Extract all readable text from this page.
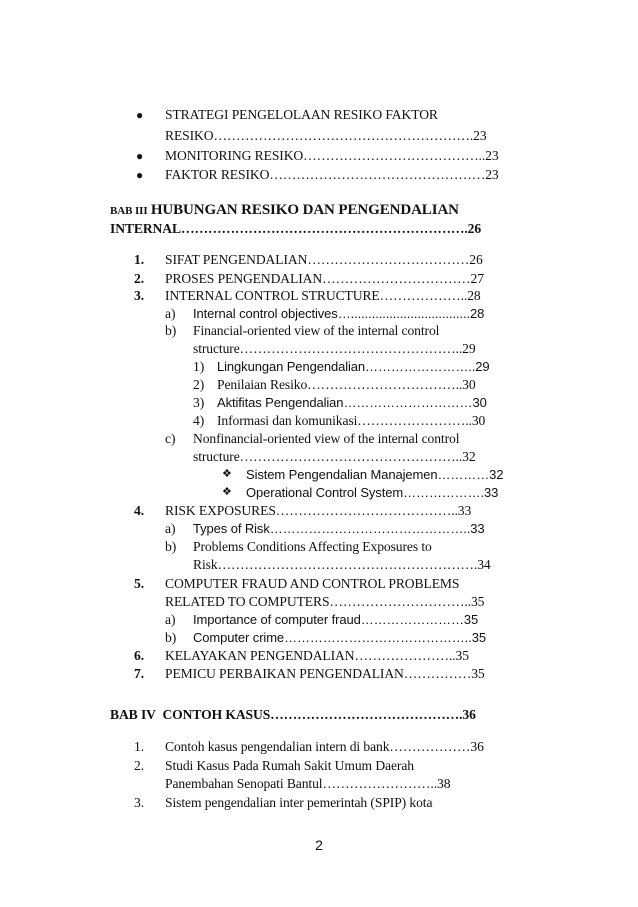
● STRATEGI PENGELOLAAN RESIKO FAKTOR
RESIKO………………………………………………….23
● MONITORING RESIKO…………………………………..23
● FAKTOR RESIKO…………………………………………23
BAB III HUBUNGAN RESIKO DAN PENGENDALIAN
INTERNAL……………………………………………………….26
1. SIFAT PENGENDALIAN………………………………26
2. PROSES PENGENDALIAN……………………………27
3. INTERNAL CONTROL STRUCTURE………………..28
a) Internal control objectives…..................................28
b) Financial-oriented view of the internal control
structure…………………………………………..29
1) Lingkungan Pengendalian……………………..29
2) Penilaian Resiko……………………………..30
3) Aktifitas Pengendalian…………………………30
4) Informasi dan komunikasi……………………..30
c) Nonfinancial-oriented view of the internal control
structure…………………………………………..32
❖ Sistem Pengendalian Manajemen…………32
❖ Operational Control System……………….33
4. RISK EXPOSURES…………………………………..33
a) Types of Risk………………………………………..33
b) Problems Conditions Affecting Exposures to
Risk………………………………………………….34
5. COMPUTER FRAUD AND CONTROL PROBLEMS
RELATED TO COMPUTERS…………………………..35
a) Importance of computer fraud……………………35
b) Computer crime……………………………………..35
6. KELAYAKAN PENGENDALIAN…………………..35
7. PEMICU PERBAIKAN PENGENDALIAN……………35
BAB IV CONTOH KASUS…………………………………….36
1. Contoh kasus pengendalian intern di bank………………36
2. Studi Kasus Pada Rumah Sakit Umum Daerah
Panembahan Senopati Bantul……………………..38
3. Sistem pengendalian inter pemerintah (SPIP) kota
2
